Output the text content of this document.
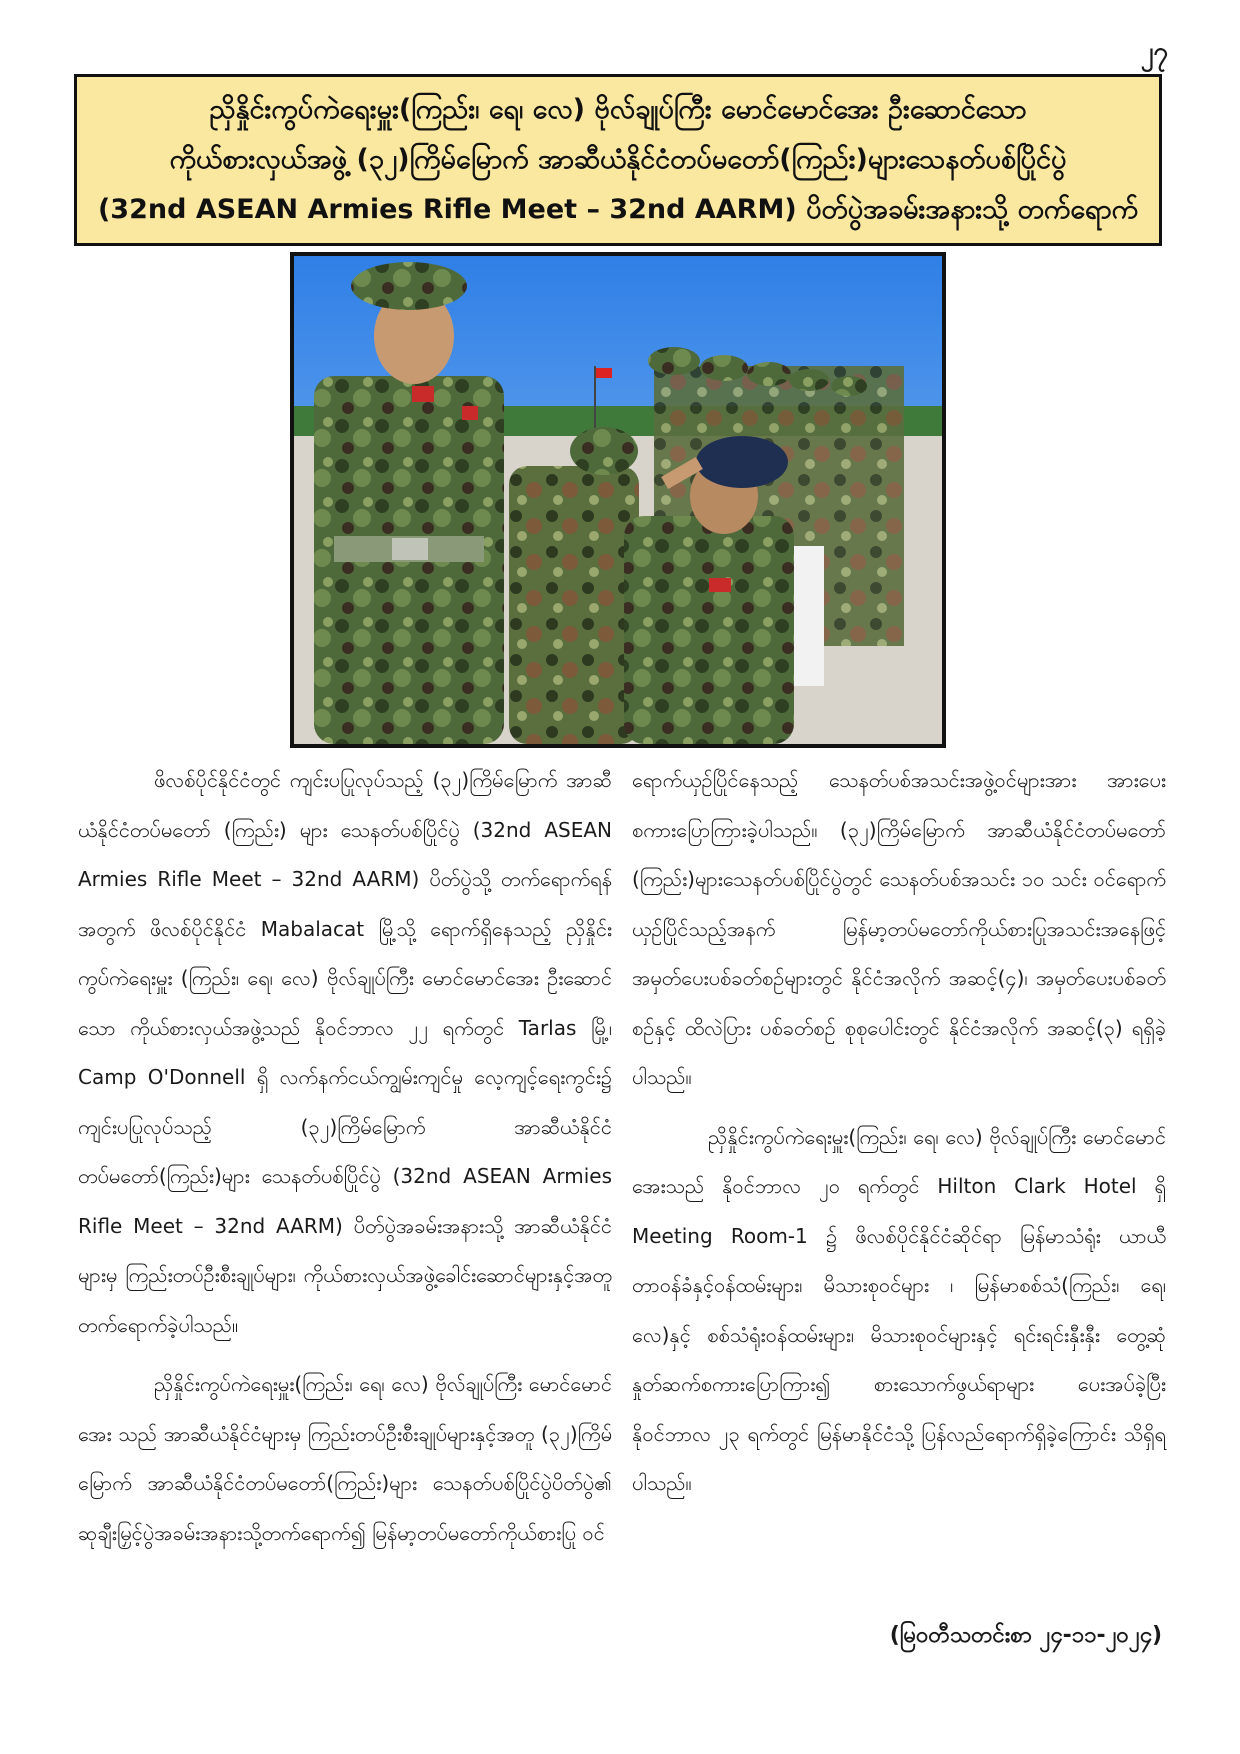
၂၇
ညှိနှိုင်းကွပ်ကဲရေးမှူး(ကြည်း၊ ရေ၊ လေ) ဗိုလ်ချုပ်ကြီး မောင်မောင်အေး ဦးဆောင်သော
ကိုယ်စားလှယ်အဖွဲ့ (၃၂)ကြိမ်မြောက် အာဆီယံနိုင်ငံတပ်မတော်(ကြည်း)များသေနတ်ပစ်ပြိုင်ပွဲ
(32nd ASEAN Armies Rifle Meet – 32nd AARM) ပိတ်ပွဲအခမ်းအနားသို့ တက်ရောက်

ဖိလစ်ပိုင်နိုင်ငံတွင် ကျင်းပပြုလုပ်သည့် (၃၂)ကြိမ်မြောက် အာဆီယံနိုင်ငံတပ်မတော် (ကြည်း) များ သေနတ်ပစ်ပြိုင်ပွဲ (32nd ASEAN Armies Rifle Meet – 32nd AARM) ပိတ်ပွဲသို့ တက်ရောက်ရန်အတွက် ဖိလစ်ပိုင်နိုင်ငံ Mabalacat မြို့သို့ ရောက်ရှိနေသည့် ညှိနှိုင်းကွပ်ကဲရေးမှူး (ကြည်း၊ ရေ၊ လေ) ဗိုလ်ချုပ်ကြီး မောင်မောင်အေး ဦးဆောင်သော ကိုယ်စားလှယ်အဖွဲ့သည် နိုဝင်ဘာလ ၂၂ ရက်တွင် Tarlas မြို့၊ Camp O'Donnell ရှိ လက်နက်ငယ်ကျွမ်းကျင်မှု လေ့ကျင့်ရေးကွင်း၌ ကျင်းပပြုလုပ်သည့် (၃၂)ကြိမ်မြောက် အာဆီယံနိုင်ငံတပ်မတော်(ကြည်း)များ သေနတ်ပစ်ပြိုင်ပွဲ (32nd ASEAN Armies Rifle Meet – 32nd AARM) ပိတ်ပွဲအခမ်းအနားသို့ အာဆီယံနိုင်ငံများမှ ကြည်းတပ်ဦးစီးချုပ်များ၊ ကိုယ်စားလှယ်အဖွဲ့ခေါင်းဆောင်များနှင့်အတူ တက်ရောက်ခဲ့ပါသည်။

ညှိနှိုင်းကွပ်ကဲရေးမှူး(ကြည်း၊ ရေ၊ လေ) ဗိုလ်ချုပ်ကြီး မောင်မောင်အေး သည် အာဆီယံနိုင်ငံများမှ ကြည်းတပ်ဦးစီးချုပ်များနှင့်အတူ (၃၂)ကြိမ်မြောက် အာဆီယံနိုင်ငံတပ်မတော်(ကြည်း)များ သေနတ်ပစ်ပြိုင်ပွဲပိတ်ပွဲ၏ ဆုချီးမြှင့်ပွဲအခမ်းအနားသို့တက်ရောက်၍ မြန်မာ့တပ်မတော်ကိုယ်စားပြု ဝင်

ရောက်ယှဉ်ပြိုင်နေသည့် သေနတ်ပစ်အသင်းအဖွဲ့ဝင်များအား အားပေးစကားပြောကြားခဲ့ပါသည်။ (၃၂)ကြိမ်မြောက် အာဆီယံနိုင်ငံတပ်မတော် (ကြည်း)များသေနတ်ပစ်ပြိုင်ပွဲတွင် သေနတ်ပစ်အသင်း ၁၀ သင်း ဝင်ရောက်ယှဉ်ပြိုင်သည့်အနက် မြန်မာ့တပ်မတော်ကိုယ်စားပြုအသင်းအနေဖြင့် အမှတ်ပေးပစ်ခတ်စဉ်များတွင် နိုင်ငံအလိုက် အဆင့်(၄)၊ အမှတ်ပေးပစ်ခတ်စဉ်နှင့် ထိလဲပြား ပစ်ခတ်စဉ် စုစုပေါင်းတွင် နိုင်ငံအလိုက် အဆင့်(၃) ရရှိခဲ့ပါသည်။

ညှိနှိုင်းကွပ်ကဲရေးမှူး(ကြည်း၊ ရေ၊ လေ) ဗိုလ်ချုပ်ကြီး မောင်မောင်အေးသည် နိုဝင်ဘာလ ၂၀ ရက်တွင် Hilton Clark Hotel ရှိ Meeting Room-1 ၌ ဖိလစ်ပိုင်နိုင်ငံဆိုင်ရာ မြန်မာသံရုံး ယာယီတာဝန်ခံနှင့်ဝန်ထမ်းများ၊ မိသားစုဝင်များ ၊ မြန်မာစစ်သံ(ကြည်း၊ ရေ၊ လေ)နှင့် စစ်သံရုံးဝန်ထမ်းများ၊ မိသားစုဝင်များနှင့် ရင်းရင်းနှီးနှီး တွေ့ဆုံနှုတ်ဆက်စကားပြောကြား၍ စားသောက်ဖွယ်ရာများ ပေးအပ်ခဲ့ပြီး နိုဝင်ဘာလ ၂၃ ရက်တွင် မြန်မာနိုင်ငံသို့ ပြန်လည်ရောက်ရှိခဲ့ကြောင်း သိရှိရပါသည်။

(မြဝတီသတင်းစာ ၂၄-၁၁-၂၀၂၄)
